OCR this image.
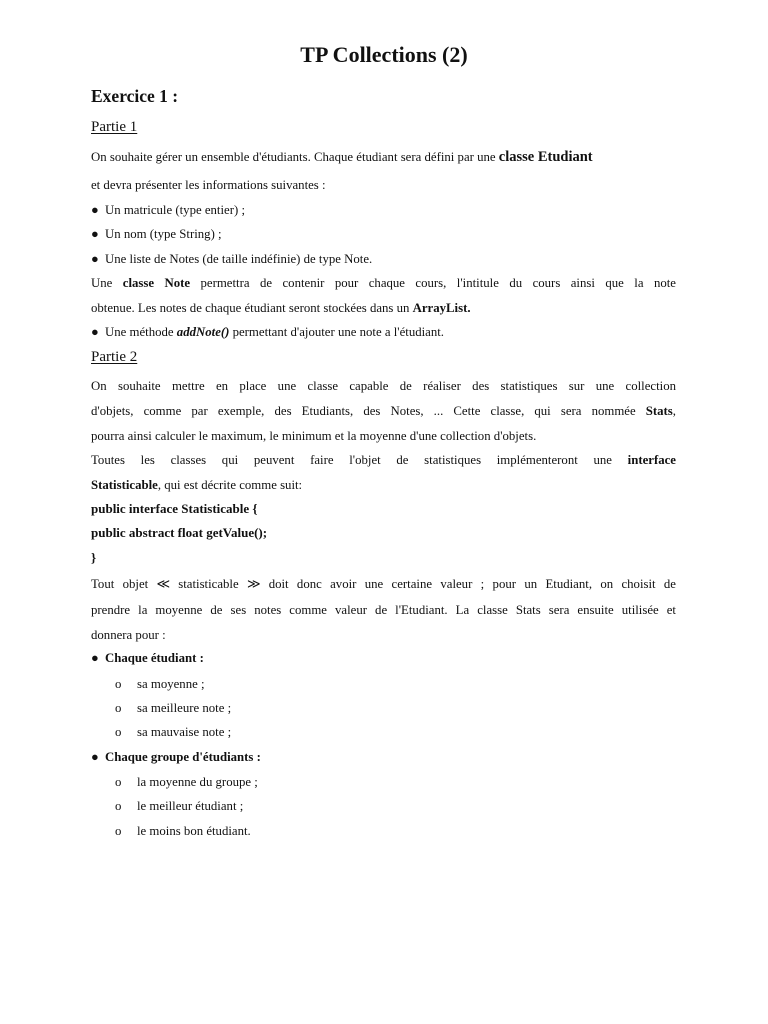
TP Collections (2)
Exercice 1 :
Partie 1
On souhaite gérer un ensemble d'étudiants. Chaque étudiant sera défini par une classe Etudiant
et devra présenter les informations suivantes :
● Un matricule (type entier) ;
● Un nom (type String) ;
● Une liste de Notes (de taille indéfinie) de type Note.
Une classe Note permettra de contenir pour chaque cours, l'intitule du cours ainsi que la note
obtenue. Les notes de chaque étudiant seront stockées dans un ArrayList.
● Une méthode addNote() permettant d'ajouter une note a l'étudiant.
Partie 2
On souhaite mettre en place une classe capable de réaliser des statistiques sur une collection
d'objets, comme par exemple, des Etudiants, des Notes, ... Cette classe, qui sera nommée Stats,
pourra ainsi calculer le maximum, le minimum et la moyenne d'une collection d'objets.
Toutes les classes qui peuvent faire l'objet de statistiques implémenteront une interface
Statisticable, qui est décrite comme suit:
public interface Statisticable {
public abstract float getValue();
}
Tout objet ≪ statisticable ≫ doit donc avoir une certaine valeur ; pour un Etudiant, on choisit de
prendre la moyenne de ses notes comme valeur de l'Etudiant. La classe Stats sera ensuite utilisée et
donnera pour :
● Chaque étudiant :
o sa moyenne ;
o sa meilleure note ;
o sa mauvaise note ;
● Chaque groupe d'étudiants :
o la moyenne du groupe ;
o le meilleur étudiant ;
o le moins bon étudiant.
